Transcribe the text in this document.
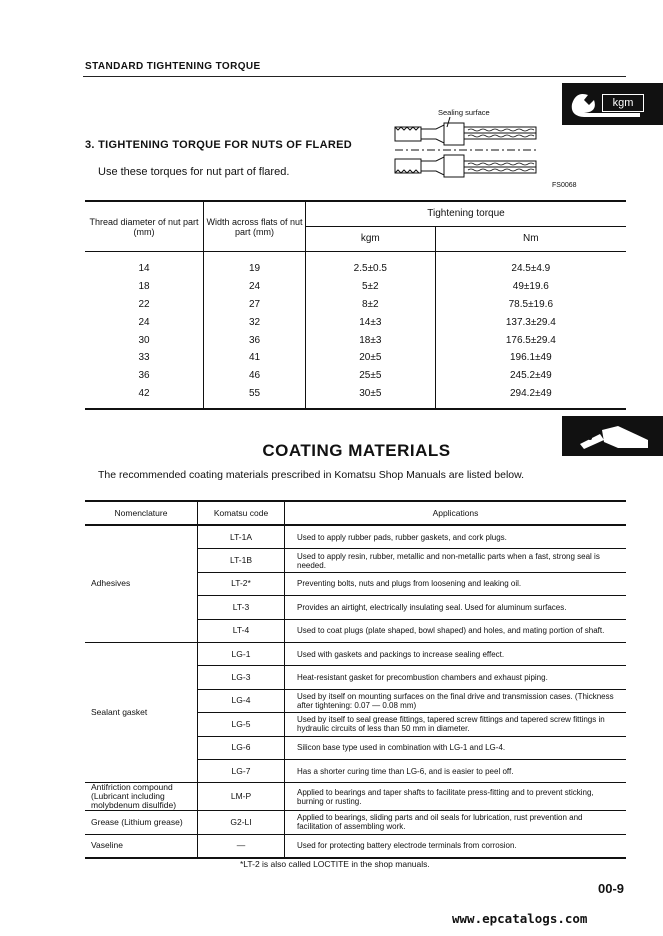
STANDARD TIGHTENING TORQUE
kgm
3. TIGHTENING TORQUE FOR NUTS OF FLARED
Use these torques for nut part of flared.
Sealing surface
FS0068
Thread diameter of nut part (mm)	Width across flats of nut part (mm)	Tightening torque	
		kgm	Nm
14	19	2.5±0.5	24.5±4.9
18	24	5±2	49±19.6
22	27	8±2	78.5±19.6
24	32	14±3	137.3±29.4
30	36	18±3	176.5±29.4
33	41	20±5	196.1±49
36	46	25±5	245.2±49
42	55	30±5	294.2±49
COATING MATERIALS
The recommended coating materials prescribed in Komatsu Shop Manuals are listed below.
Nomenclature	Komatsu code	Applications
Adhesives	LT-1A	Used to apply rubber pads, rubber gaskets, and cork plugs.
	LT-1B	Used to apply resin, rubber, metallic and non-metallic parts when a fast, strong seal is needed.
	LT-2*	Preventing bolts, nuts and plugs from loosening and leaking oil.
	LT-3	Provides an airtight, electrically insulating seal. Used for aluminum surfaces.
	LT-4	Used to coat plugs (plate shaped, bowl shaped) and holes, and mating portion of shaft.
Sealant gasket	LG-1	Used with gaskets and packings to increase sealing effect.
	LG-3	Heat-resistant gasket for precombustion chambers and exhaust piping.
	LG-4	Used by itself on mounting surfaces on the final drive and transmission cases. (Thickness after tightening: 0.07 — 0.08 mm)
	LG-5	Used by itself to seal grease fittings, tapered screw fittings and tapered screw fittings in hydraulic circuits of less than 50 mm in diameter.
	LG-6	Silicon base type used in combination with LG-1 and LG-4.
	LG-7	Has a shorter curing time than LG-6, and is easier to peel off.
Antifriction compound (Lubricant including molybdenum disulfide)	LM-P	Applied to bearings and taper shafts to facilitate press-fitting and to prevent sticking, burning or rusting.
Grease (Lithium grease)	G2-LI	Applied to bearings, sliding parts and oil seals for lubrication, rust prevention and facilitation of assembling work.
Vaseline	—	Used for protecting battery electrode terminals from corrosion.
*LT-2 is also called LOCTITE in the shop manuals.
00-9
www.epcatalogs.com
